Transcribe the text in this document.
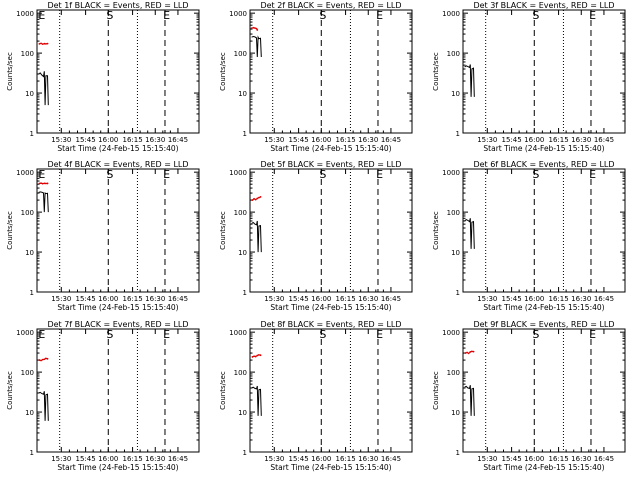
Det 1f BLACK = Events, RED = LLD
1
10
100
1000
15:30 15:45 16:00 16:15 16:30 16:45
Start Time (24-Feb-15 15:15:40)
Counts/sec
S	E
E
Det 2f BLACK = Events, RED = LLD
1
10
100
1000
15:30 15:45 16:00 16:15 16:30 16:45
Start Time (24-Feb-15 15:15:40)
Counts/sec
S	E
Det 3f BLACK = Events, RED = LLD
1
10
100
1000
15:30 15:45 16:00 16:15 16:30 16:45
Start Time (24-Feb-15 15:15:40)
Counts/sec
S	E
Det 4f BLACK = Events, RED = LLD
1
10
100
1000
15:30 15:45 16:00 16:15 16:30 16:45
Start Time (24-Feb-15 15:15:40)
Counts/sec
S	E
E
Det 5f BLACK = Events, RED = LLD
1
10
100
1000
15:30 15:45 16:00 16:15 16:30 16:45
Start Time (24-Feb-15 15:15:40)
Counts/sec
S	E
Det 6f BLACK = Events, RED = LLD
1
10
100
1000
15:30 15:45 16:00 16:15 16:30 16:45
Start Time (24-Feb-15 15:15:40)
Counts/sec
S	E
Det 7f BLACK = Events, RED = LLD
1
10
100
1000
15:30 15:45 16:00 16:15 16:30 16:45
Start Time (24-Feb-15 15:15:40)
Counts/sec
S	E
E
Det 8f BLACK = Events, RED = LLD
1
10
100
1000
15:30 15:45 16:00 16:15 16:30 16:45
Start Time (24-Feb-15 15:15:40)
Counts/sec
S	E
Det 9f BLACK = Events, RED = LLD
1
10
100
1000
15:30 15:45 16:00 16:15 16:30 16:45
Start Time (24-Feb-15 15:15:40)
Counts/sec
S	E
